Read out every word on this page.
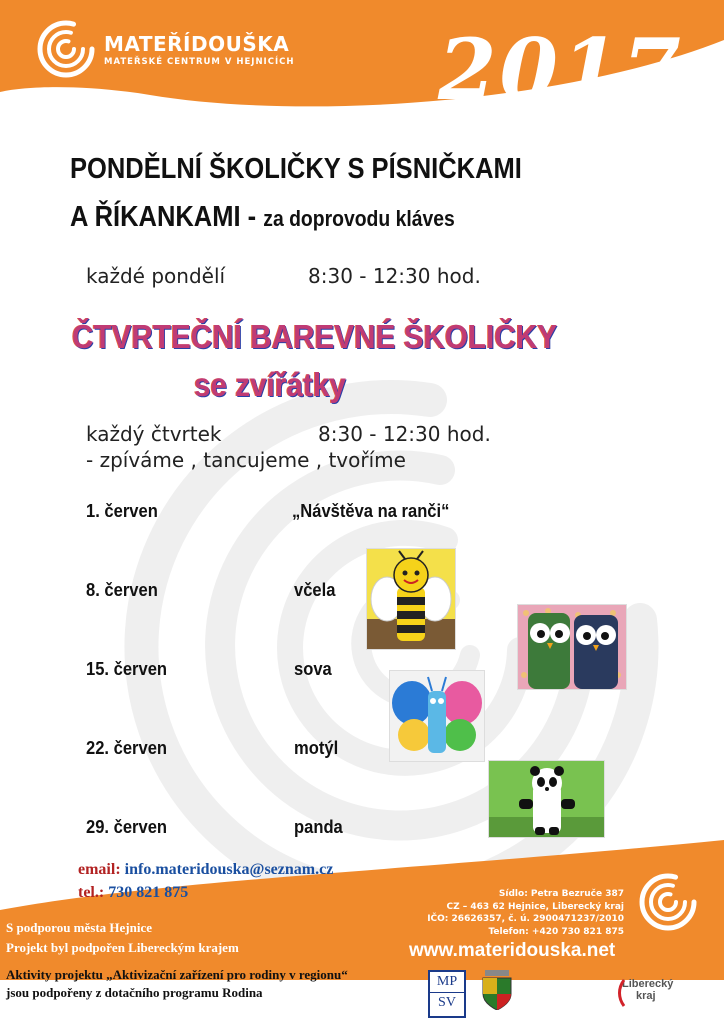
MATEŘÍDOUŠKA
MATEŘSKÉ CENTRUM V HEJNICÍCH 2017
PONDĚLNÍ ŠKOLIČKY S PÍSNIČKAMI
A ŘÍKANKAMI - za doprovodu kláves
každé pondělí	8:30 - 12:30 hod.
ČTVRTEČNÍ BAREVNÉ ŠKOLIČKY
se zvířátky
každý čtvrtek	8:30 - 12:30 hod.
- zpíváme , tancujeme , tvoříme
1. červen	„Návštěva na ranči“
8. červen	včela
15. červen	sova
22. červen	motýl
29. červen	panda
email: info.materidouska@seznam.cz
tel.: 730 821 875	Sídlo: Petra Bezruče 387
CZ – 463 62 Hejnice, Liberecký kraj
IČO: 26626357, č. ú. 2900471237/2010
Telefon: +420 730 821 875
www.materidouska.net
S podporou města Hejnice
Projekt byl podpořen Libereckým krajem
Aktivity projektu „Aktivizační zařízení pro rodiny v regionu“
jsou podpořeny z dotačního programu Rodina
MP
SV
Liberecký
kraj
